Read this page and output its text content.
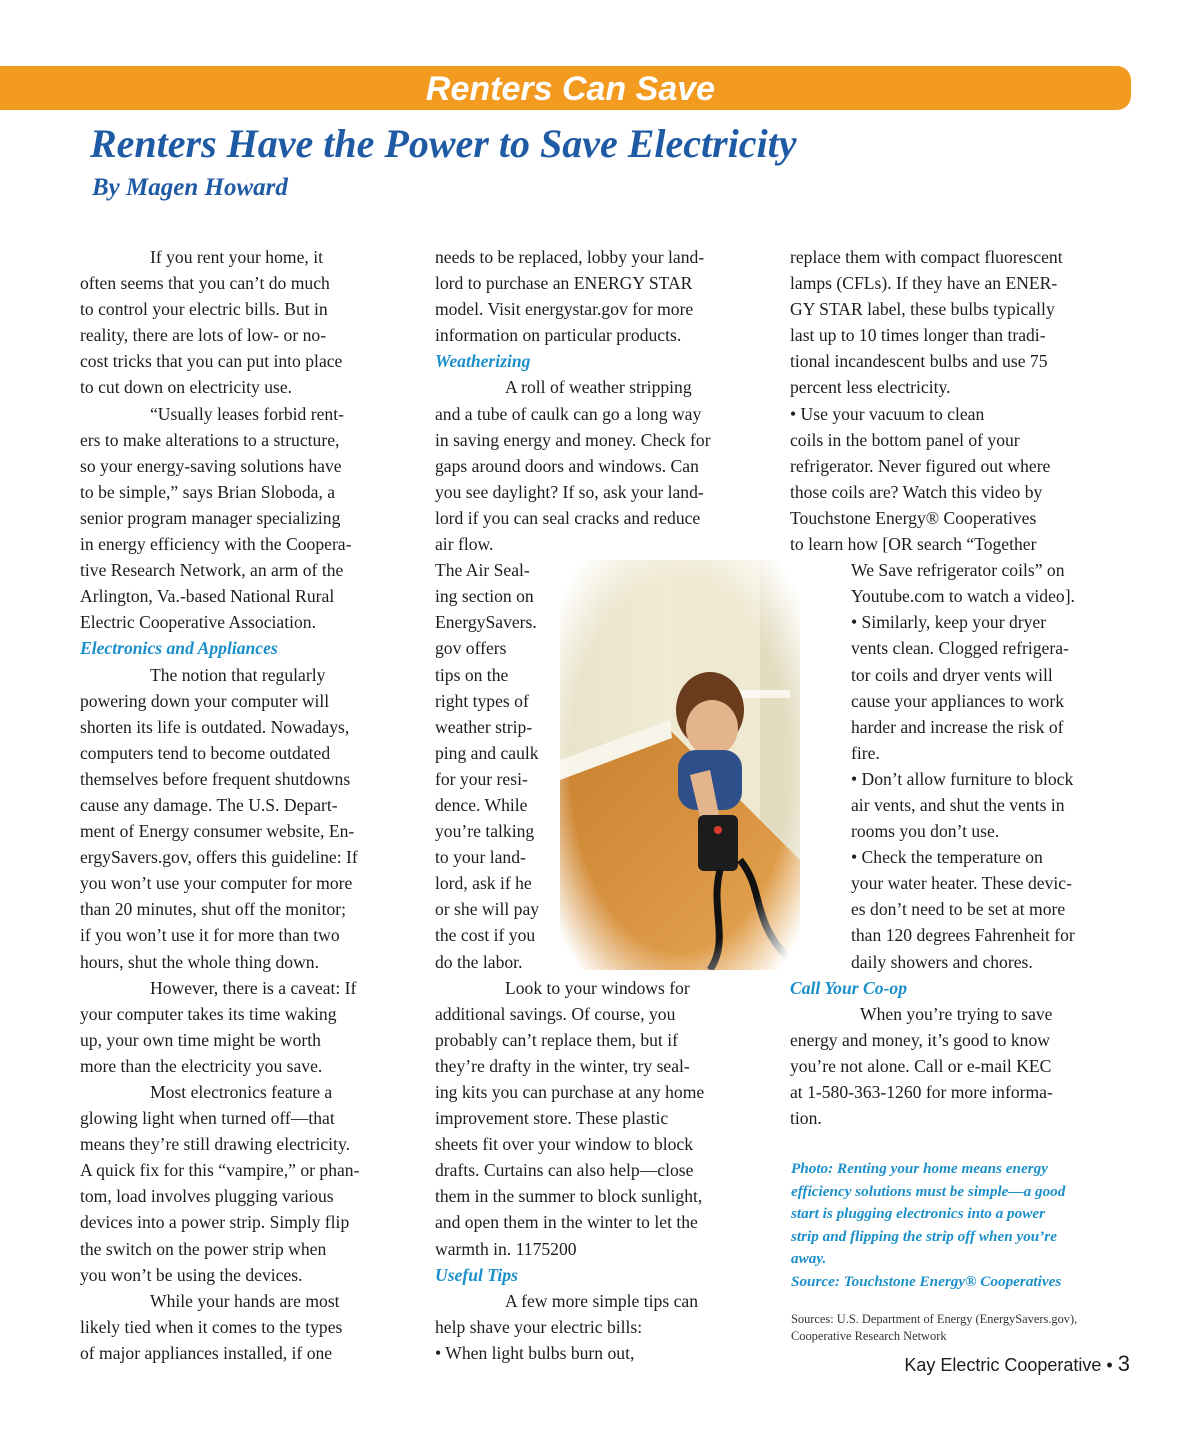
Renters Can Save
Renters Have the Power to Save Electricity
By Magen Howard
If you rent your home, it
often seems that you can’t do much
to control your electric bills. But in
reality, there are lots of low- or no-
cost tricks that you can put into place
to cut down on electricity use.
“Usually leases forbid rent-
ers to make alterations to a structure,
so your energy-saving solutions have
to be simple,” says Brian Sloboda, a
senior program manager specializing
in energy efficiency with the Coopera-
tive Research Network, an arm of the
Arlington, Va.-based National Rural
Electric Cooperative Association.
Electronics and Appliances
The notion that regularly
powering down your computer will
shorten its life is outdated. Nowadays,
computers tend to become outdated
themselves before frequent shutdowns
cause any damage. The U.S. Depart-
ment of Energy consumer website, En-
ergySavers.gov, offers this guideline: If
you won’t use your computer for more
than 20 minutes, shut off the monitor;
if you won’t use it for more than two
hours, shut the whole thing down.
However, there is a caveat: If
your computer takes its time waking
up, your own time might be worth
more than the electricity you save.
Most electronics feature a
glowing light when turned off—that
means they’re still drawing electricity.
A quick fix for this “vampire,” or phan-
tom, load involves plugging various
devices into a power strip. Simply flip
the switch on the power strip when
you won’t be using the devices.
While your hands are most
likely tied when it comes to the types
of major appliances installed, if one
needs to be replaced, lobby your land-
lord to purchase an ENERGY STAR
model. Visit energystar.gov for more
information on particular products.
Weatherizing
A roll of weather stripping
and a tube of caulk can go a long way
in saving energy and money. Check for
gaps around doors and windows. Can
you see daylight? If so, ask your land-
lord if you can seal cracks and reduce
air flow.
The Air Seal-
ing section on
EnergySavers.
gov offers
tips on the
right types of
weather strip-
ping and caulk
for your resi-
dence. While
you’re talking
to your land-
lord, ask if he
or she will pay
the cost if you
do the labor.
Look to your windows for
additional savings. Of course, you
probably can’t replace them, but if
they’re drafty in the winter, try seal-
ing kits you can purchase at any home
improvement store. These plastic
sheets fit over your window to block
drafts. Curtains can also help—close
them in the summer to block sunlight,
and open them in the winter to let the
warmth in. 1175200
Useful Tips
A few more simple tips can
help shave your electric bills:
• When light bulbs burn out,
replace them with compact fluorescent
lamps (CFLs). If they have an ENER-
GY STAR label, these bulbs typically
last up to 10 times longer than tradi-
tional incandescent bulbs and use 75
percent less electricity.
• Use your vacuum to clean
coils in the bottom panel of your
refrigerator. Never figured out where
those coils are? Watch this video by
Touchstone Energy® Cooperatives
to learn how [OR search “Together
We Save refrigerator coils” on
Youtube.com to watch a video].
• Similarly, keep your dryer
vents clean. Clogged refrigera-
tor coils and dryer vents will
cause your appliances to work
harder and increase the risk of
fire.
• Don’t allow furniture to block
air vents, and shut the vents in
rooms you don’t use.
• Check the temperature on
your water heater. These devic-
es don’t need to be set at more
than 120 degrees Fahrenheit for
daily showers and chores.
Call Your Co-op
When you’re trying to save
energy and money, it’s good to know
you’re not alone. Call or e-mail KEC
at 1-580-363-1260 for more informa-
tion.
Photo: Renting your home means energy
efficiency solutions must be simple—a good
start is plugging electronics into a power
strip and flipping the strip off when you’re
away.
Source: Touchstone Energy® Cooperatives
Sources: U.S. Department of Energy (EnergySavers.gov),
Cooperative Research Network
Kay Electric Cooperative • 3
